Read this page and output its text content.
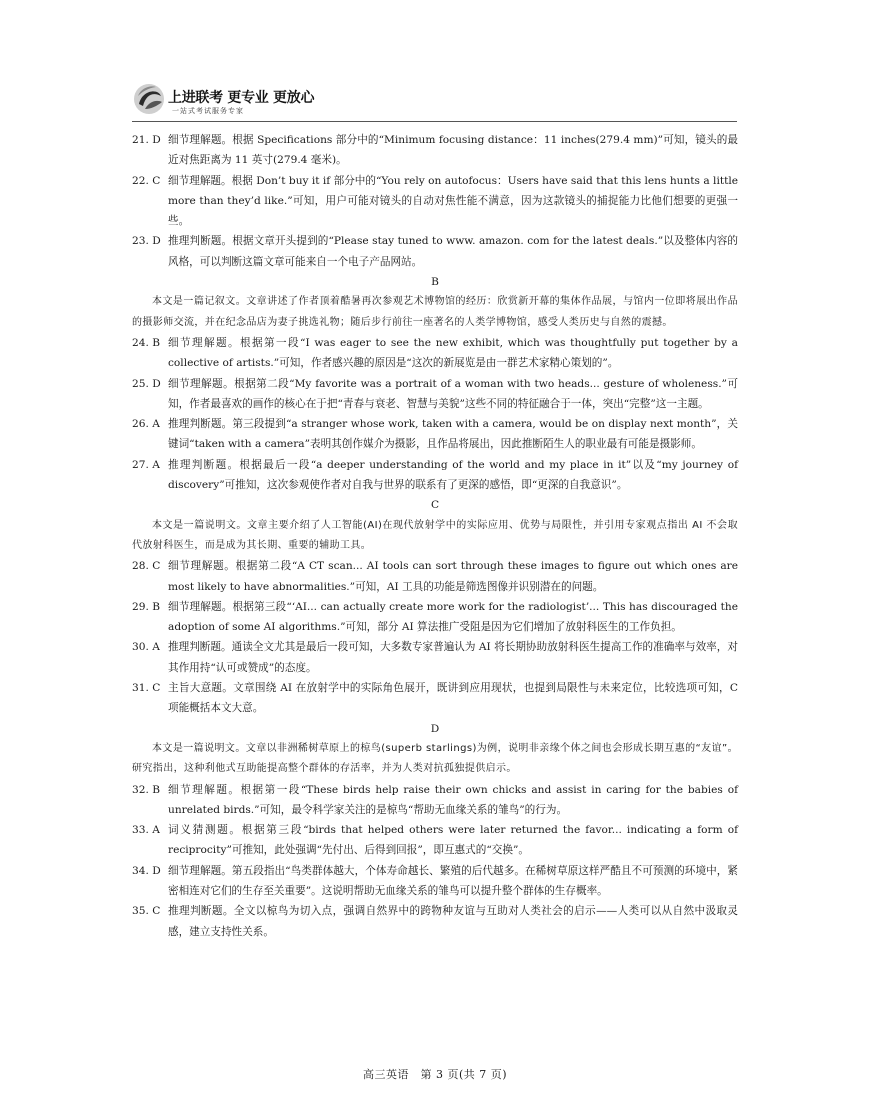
上进联考 更专业 更放心
一站式考试服务专家
21. D 细节理解题。根据 Specifications 部分中的“Minimum focusing distance：11 inches(279.4 mm)”可知，镜头的最近对焦距离为 11 英寸(279.4 毫米)。
22. C 细节理解题。根据 Don’t buy it if 部分中的“You rely on autofocus：Users have said that this lens hunts a little more than they’d like.”可知，用户可能对镜头的自动对焦性能不满意，因为这款镜头的捕捉能力比他们想要的更强一些。
23. D 推理判断题。根据文章开头提到的“Please stay tuned to www. amazon. com for the latest deals.”以及整体内容的风格，可以判断这篇文章可能来自一个电子产品网站。
B
本文是一篇记叙文。文章讲述了作者顶着酷暑再次参观艺术博物馆的经历：欣赏新开幕的集体作品展，与馆内一位即将展出作品的摄影师交流，并在纪念品店为妻子挑选礼物；随后步行前往一座著名的人类学博物馆，感受人类历史与自然的震撼。
24. B 细节理解题。根据第一段“I was eager to see the new exhibit, which was thoughtfully put together by a collective of artists.”可知，作者感兴趣的原因是“这次的新展览是由一群艺术家精心策划的”。
25. D 细节理解题。根据第二段“My favorite was a portrait of a woman with two heads... gesture of wholeness.”可知，作者最喜欢的画作的核心在于把“青春与衰老、智慧与美貌”这些不同的特征融合于一体，突出“完整”这一主题。
26. A 推理判断题。第三段提到“a stranger whose work, taken with a camera, would be on display next month”，关键词“taken with a camera”表明其创作媒介为摄影，且作品将展出，因此推断陌生人的职业最有可能是摄影师。
27. A 推理判断题。根据最后一段“a deeper understanding of the world and my place in it”以及“my journey of discovery”可推知，这次参观使作者对自我与世界的联系有了更深的感悟，即“更深的自我意识”。
C
本文是一篇说明文。文章主要介绍了人工智能(AI)在现代放射学中的实际应用、优势与局限性，并引用专家观点指出 AI 不会取代放射科医生，而是成为其长期、重要的辅助工具。
28. C 细节理解题。根据第二段“A CT scan... AI tools can sort through these images to figure out which ones are most likely to have abnormalities.”可知，AI 工具的功能是筛选图像并识别潜在的问题。
29. B 细节理解题。根据第三段“‘AI... can actually create more work for the radiologist’... This has discouraged the adoption of some AI algorithms.”可知，部分 AI 算法推广受阻是因为它们增加了放射科医生的工作负担。
30. A 推理判断题。通读全文尤其是最后一段可知，大多数专家普遍认为 AI 将长期协助放射科医生提高工作的准确率与效率，对其作用持“认可或赞成”的态度。
31. C 主旨大意题。文章围绕 AI 在放射学中的实际角色展开，既讲到应用现状，也提到局限性与未来定位，比较选项可知，C 项能概括本文大意。
D
本文是一篇说明文。文章以非洲稀树草原上的椋鸟(superb starlings)为例，说明非亲缘个体之间也会形成长期互惠的“友谊”。研究指出，这种利他式互助能提高整个群体的存活率，并为人类对抗孤独提供启示。
32. B 细节理解题。根据第一段“These birds help raise their own chicks and assist in caring for the babies of unrelated birds.”可知，最令科学家关注的是椋鸟“帮助无血缘关系的雏鸟”的行为。
33. A 词义猜测题。根据第三段“birds that helped others were later returned the favor... indicating a form of reciprocity”可推知，此处强调“先付出、后得到回报”，即互惠式的“交换”。
34. D 细节理解题。第五段指出“鸟类群体越大，个体寿命越长、繁殖的后代越多。在稀树草原这样严酷且不可预测的环境中，紧密相连对它们的生存至关重要”。这说明帮助无血缘关系的雏鸟可以提升整个群体的生存概率。
35. C 推理判断题。全文以椋鸟为切入点，强调自然界中的跨物种友谊与互助对人类社会的启示——人类可以从自然中汲取灵感，建立支持性关系。
高三英语　第 3 页(共 7 页)
